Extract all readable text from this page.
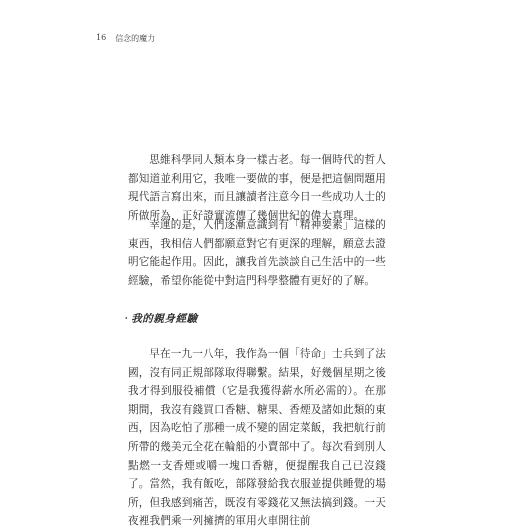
16 信念的魔力

思維科學同人類本身一樣古老。每一個時代的哲人都知道並利用它，我唯一要做的事，便是把這個問題用現代語言寫出來，而且讓讀者注意今日一些成功人士的所做所為，正好證實流傳了幾個世紀的偉大真理。

幸運的是，人們逐漸意識到有「精神要素」這樣的東西，我相信人們都願意對它有更深的理解，願意去證明它能起作用。因此，讓我首先談談自己生活中的一些經驗，希望你能從中對這門科學整體有更好的了解。

‧我的親身經驗

早在一九一八年，我作為一個「待命」士兵到了法國，沒有同正規部隊取得聯繫。結果，好幾個星期之後我才得到服役補償（它是我獲得薪水所必需的）。在那期間，我沒有錢買口香糖、糖果、香煙及諸如此類的東西，因為吃怕了那種一成不變的固定菜飯，我把航行前所帶的幾美元全花在輪船的小賣部中了。每次看到別人點燃一支香煙或嚼一塊口香糖，便提醒我自己已沒錢了。當然，我有飯吃，部隊發給我衣服並提供睡覺的場所，但我感到痛苦，既沒有零錢花又無法搞到錢。一天夜裡我們乘一列擁擠的軍用火車開往前
